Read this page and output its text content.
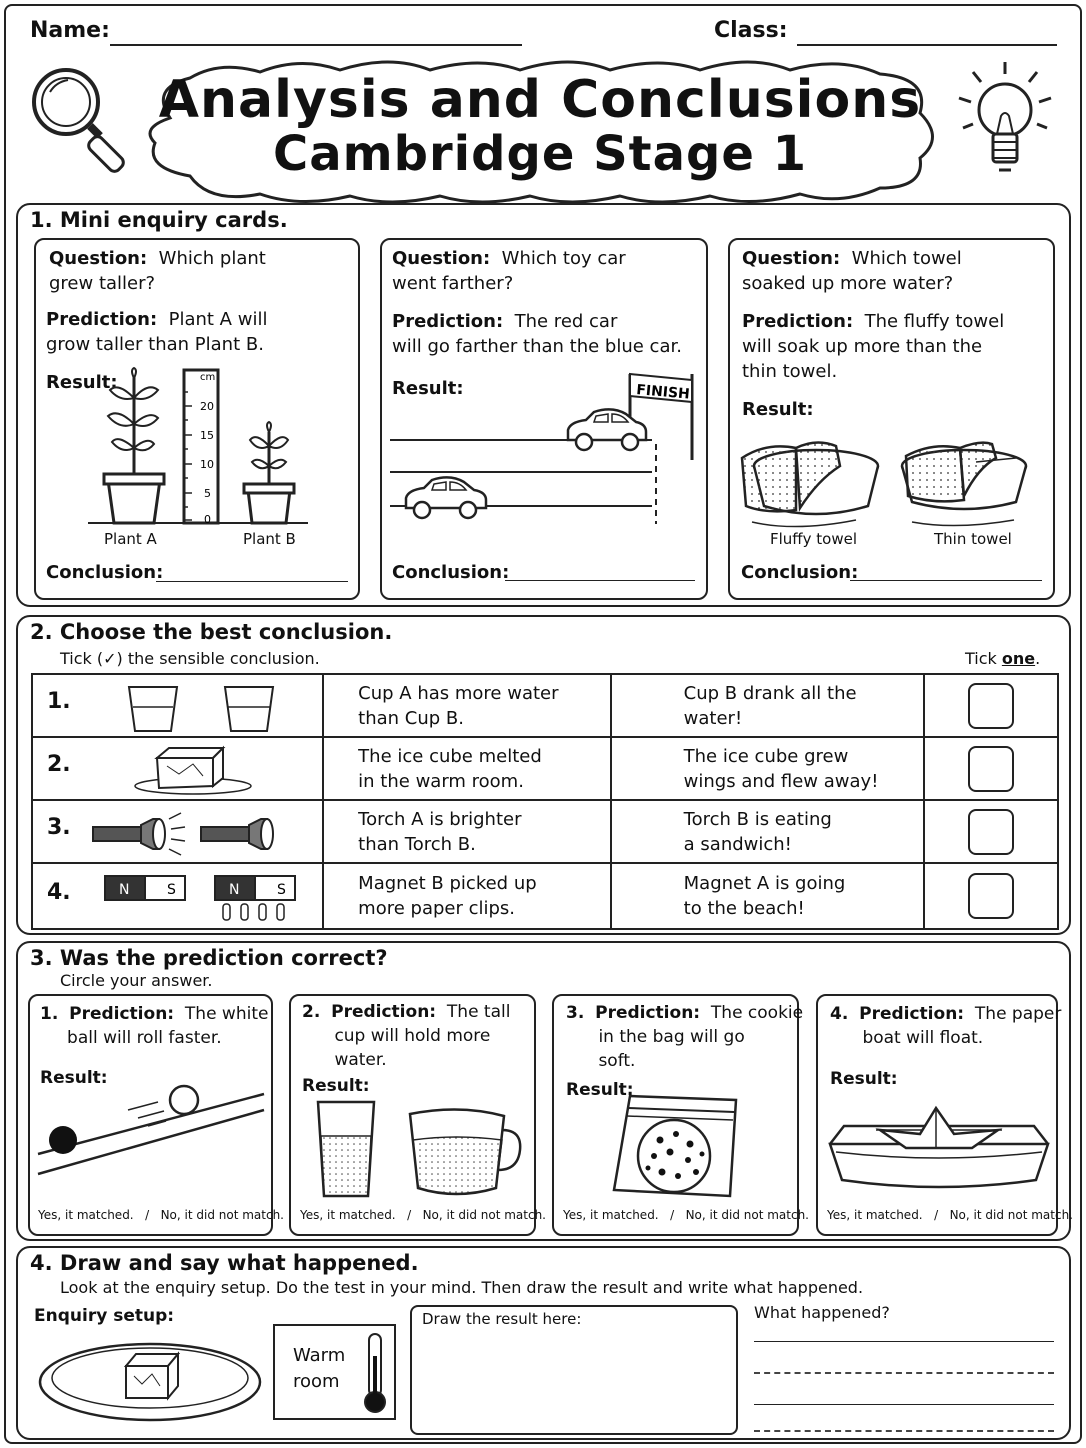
Name:	Class:
Analysis and Conclusions
Cambridge Stage 1
1. Mini enquiry cards.
Question: Which plant
grew taller?
Prediction: Plant A will
grow taller than Plant B.
Result:	cm
20
15
10
5
0
Plant A	Plant B
Conclusion:
Question: Which toy car
went farther?
Prediction: The red car
will go farther than the blue car.
Result:	FINISH
Conclusion:
Question: Which towel
soaked up more water?
Prediction: The fluffy towel
will soak up more than the
thin towel.
Result:
Fluffy towel	Thin towel
Conclusion:
2. Choose the best conclusion.
Tick (✓) the sensible conclusion.	Tick one.
1.	Cup A has more water
than Cup B.	Cup B drank all the
water!	

2.	The ice cube melted
in the warm room.	The ice cube grew
wings and flew away!	

3.	Torch A is brighter
than Torch B.	Torch B is eating
a sandwich!	

4. N S N S	Magnet B picked up
more paper clips.	Magnet A is going
to the beach!	
3. Was the prediction correct?
Circle your answer.
1. Prediction: The white
ball will roll faster.
Result:
Yes, it matched. / No, it did not match.
2. Prediction: The tall
cup will hold more
water.
Result:
Yes, it matched. / No, it did not match.
3. Prediction: The cookie
in the bag will go
soft.
Result:
Yes, it matched. / No, it did not match.
4. Prediction: The paper
boat will float.
Result:
Yes, it matched. / No, it did not match.
4. Draw and say what happened.
Look at the enquiry setup. Do the test in your mind. Then draw the result and write what happened.
Enquiry setup:
Warm
room
Draw the result here:	What happened?
